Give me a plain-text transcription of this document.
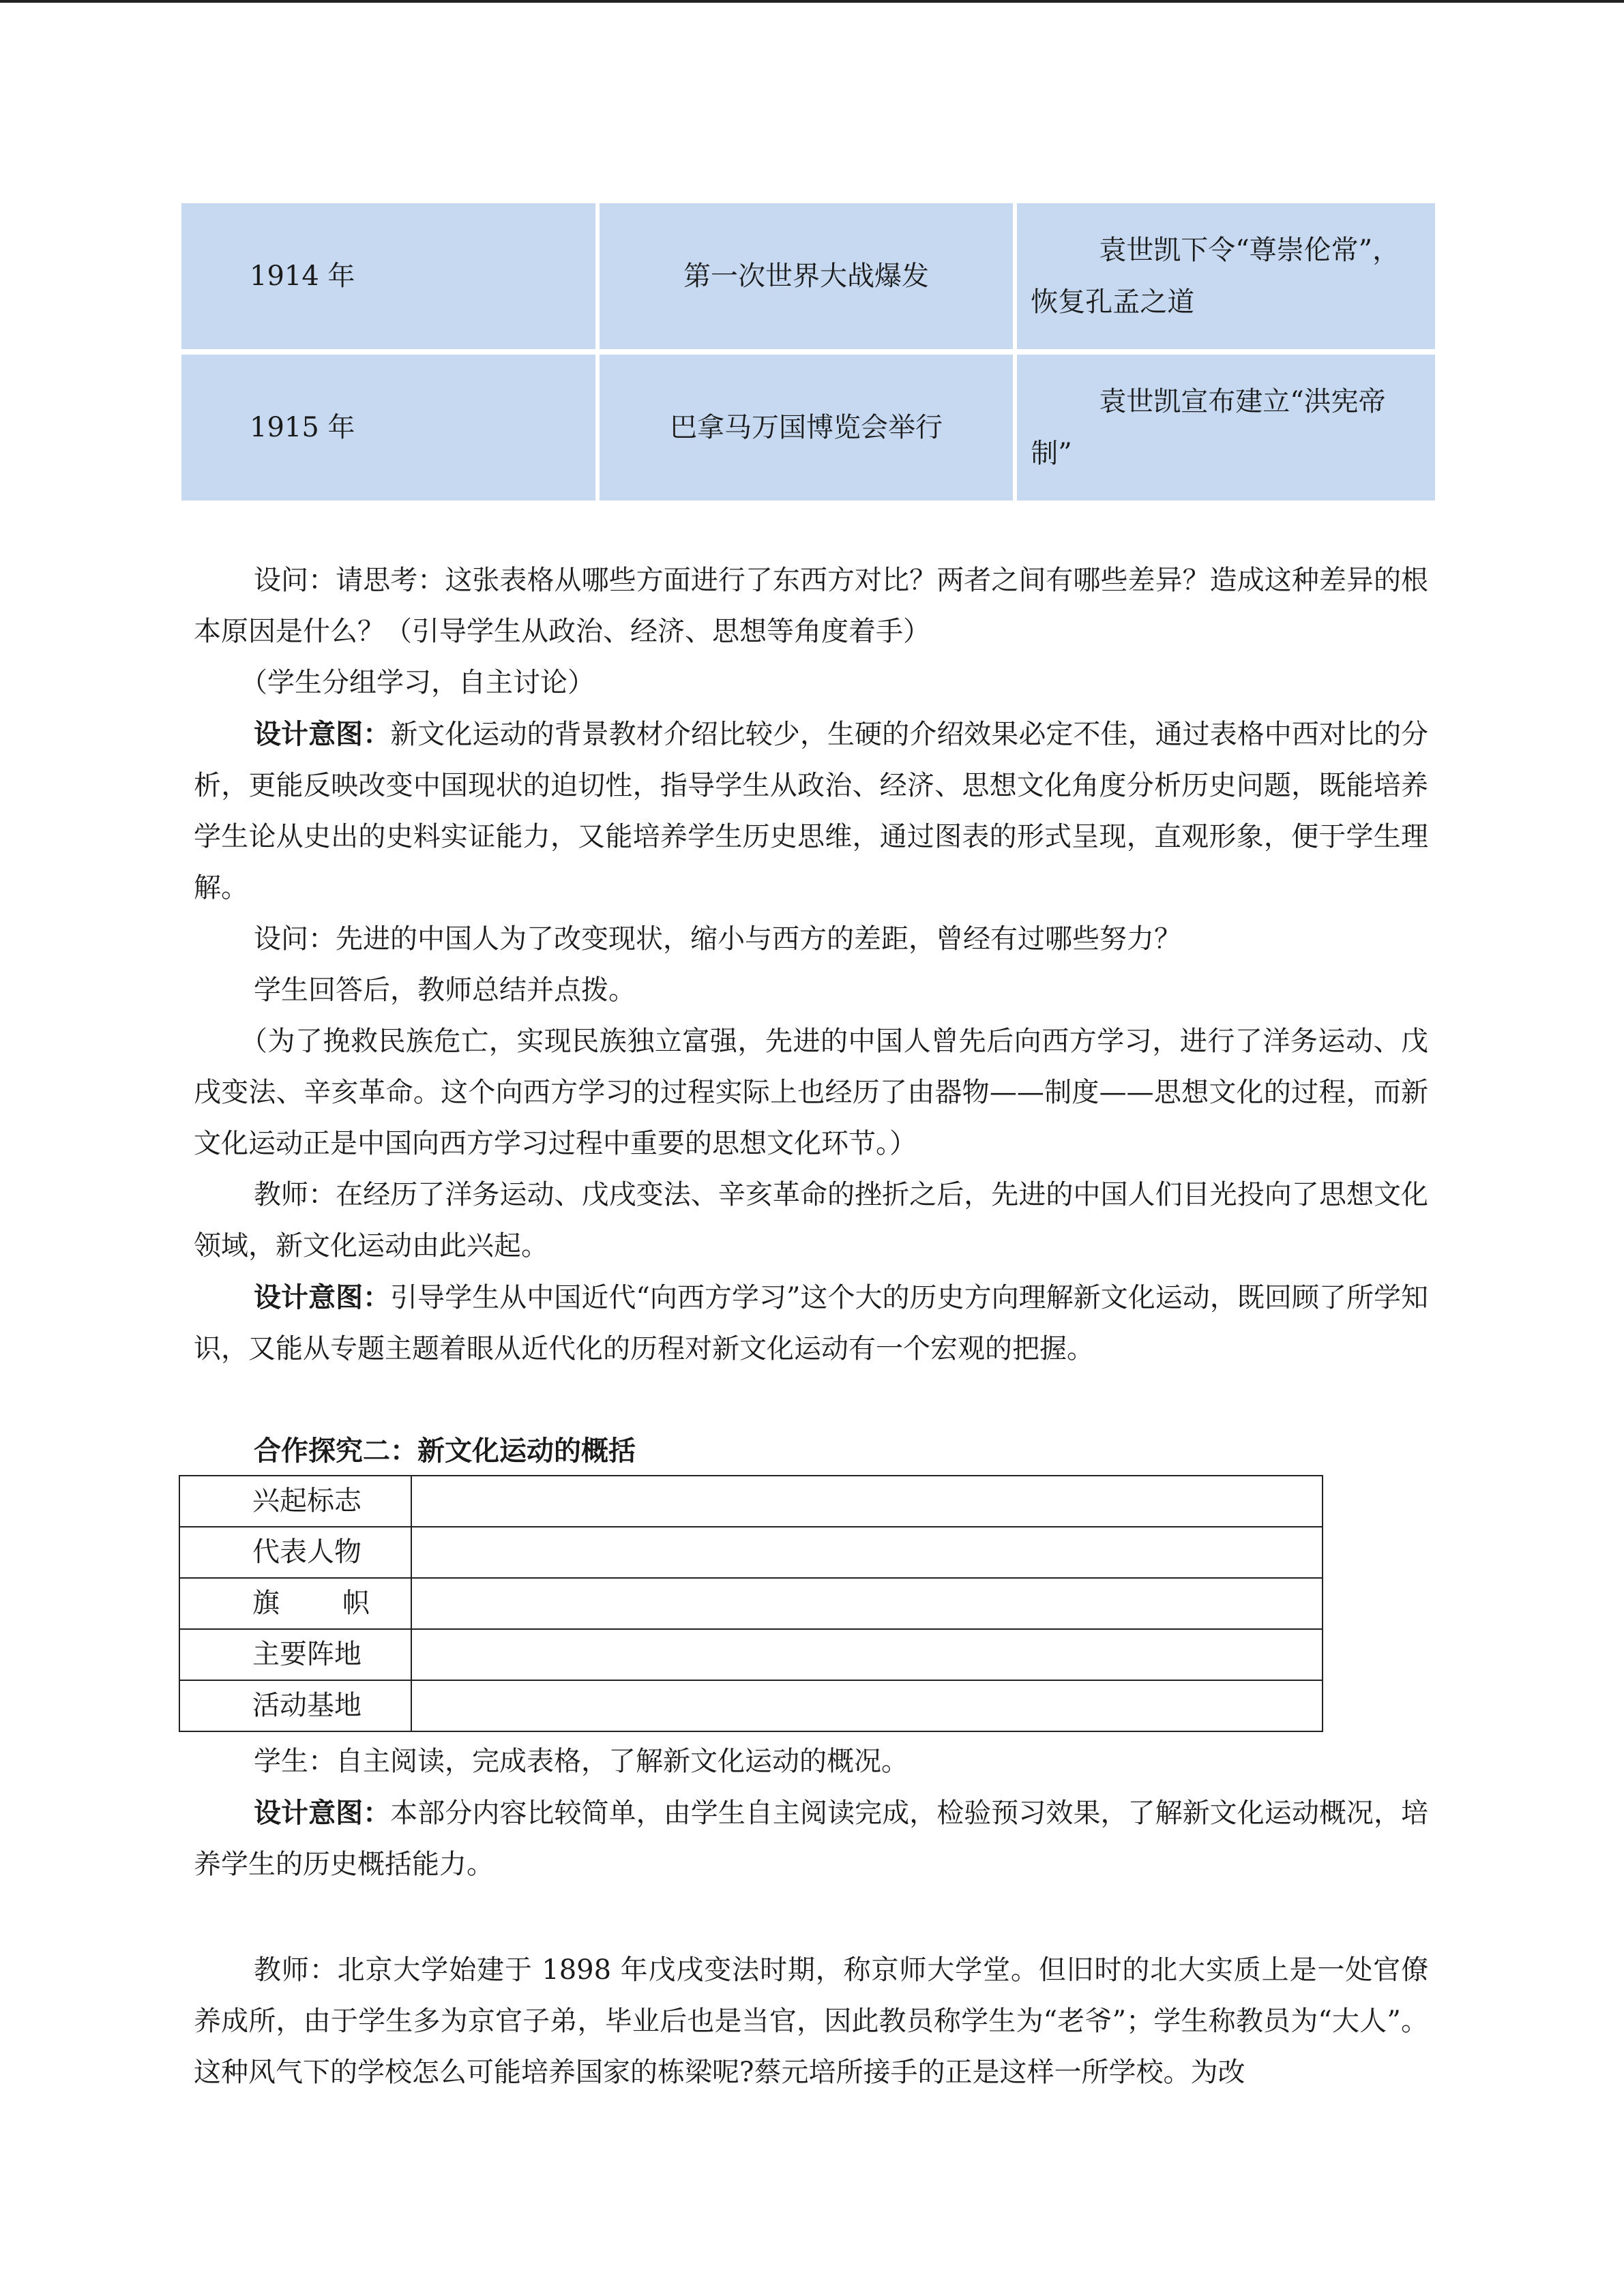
1914 年	第一次世界大战爆发	袁世凯下令“尊崇伦常”，恢复孔孟之道
1915 年	巴拿马万国博览会举行	袁世凯宣布建立“洪宪帝制”

设问：请思考：这张表格从哪些方面进行了东西方对比？两者之间有哪些差异？造成这种差异的根本原因是什么？（引导学生从政治、经济、思想等角度着手）

（学生分组学习，自主讨论）

设计意图：新文化运动的背景教材介绍比较少，生硬的介绍效果必定不佳，通过表格中西对比的分析，更能反映改变中国现状的迫切性，指导学生从政治、经济、思想文化角度分析历史问题，既能培养学生论从史出的史料实证能力，又能培养学生历史思维，通过图表的形式呈现，直观形象，便于学生理解。

设问：先进的中国人为了改变现状，缩小与西方的差距，曾经有过哪些努力？

学生回答后，教师总结并点拨。

（为了挽救民族危亡，实现民族独立富强，先进的中国人曾先后向西方学习，进行了洋务运动、戊戌变法、辛亥革命。这个向西方学习的过程实际上也经历了由器物——制度——思想文化的过程，而新文化运动正是中国向西方学习过程中重要的思想文化环节。）

教师：在经历了洋务运动、戊戌变法、辛亥革命的挫折之后，先进的中国人们目光投向了思想文化领域，新文化运动由此兴起。

设计意图：引导学生从中国近代“向西方学习”这个大的历史方向理解新文化运动，既回顾了所学知识，又能从专题主题着眼从近代化的历程对新文化运动有一个宏观的把握。

合作探究二：新文化运动的概括

兴起标志	
代表人物	
旗 帜	
主要阵地	
活动基地	

学生：自主阅读，完成表格，了解新文化运动的概况。

设计意图：本部分内容比较简单，由学生自主阅读完成，检验预习效果，了解新文化运动概况，培养学生的历史概括能力。

教师：北京大学始建于 1898 年戊戌变法时期，称京师大学堂。但旧时的北大实质上是一处官僚养成所，由于学生多为京官子弟，毕业后也是当官，因此教员称学生为“老爷”；学生称教员为“大人”。这种风气下的学校怎么可能培养国家的栋梁呢?蔡元培所接手的正是这样一所学校。为改
